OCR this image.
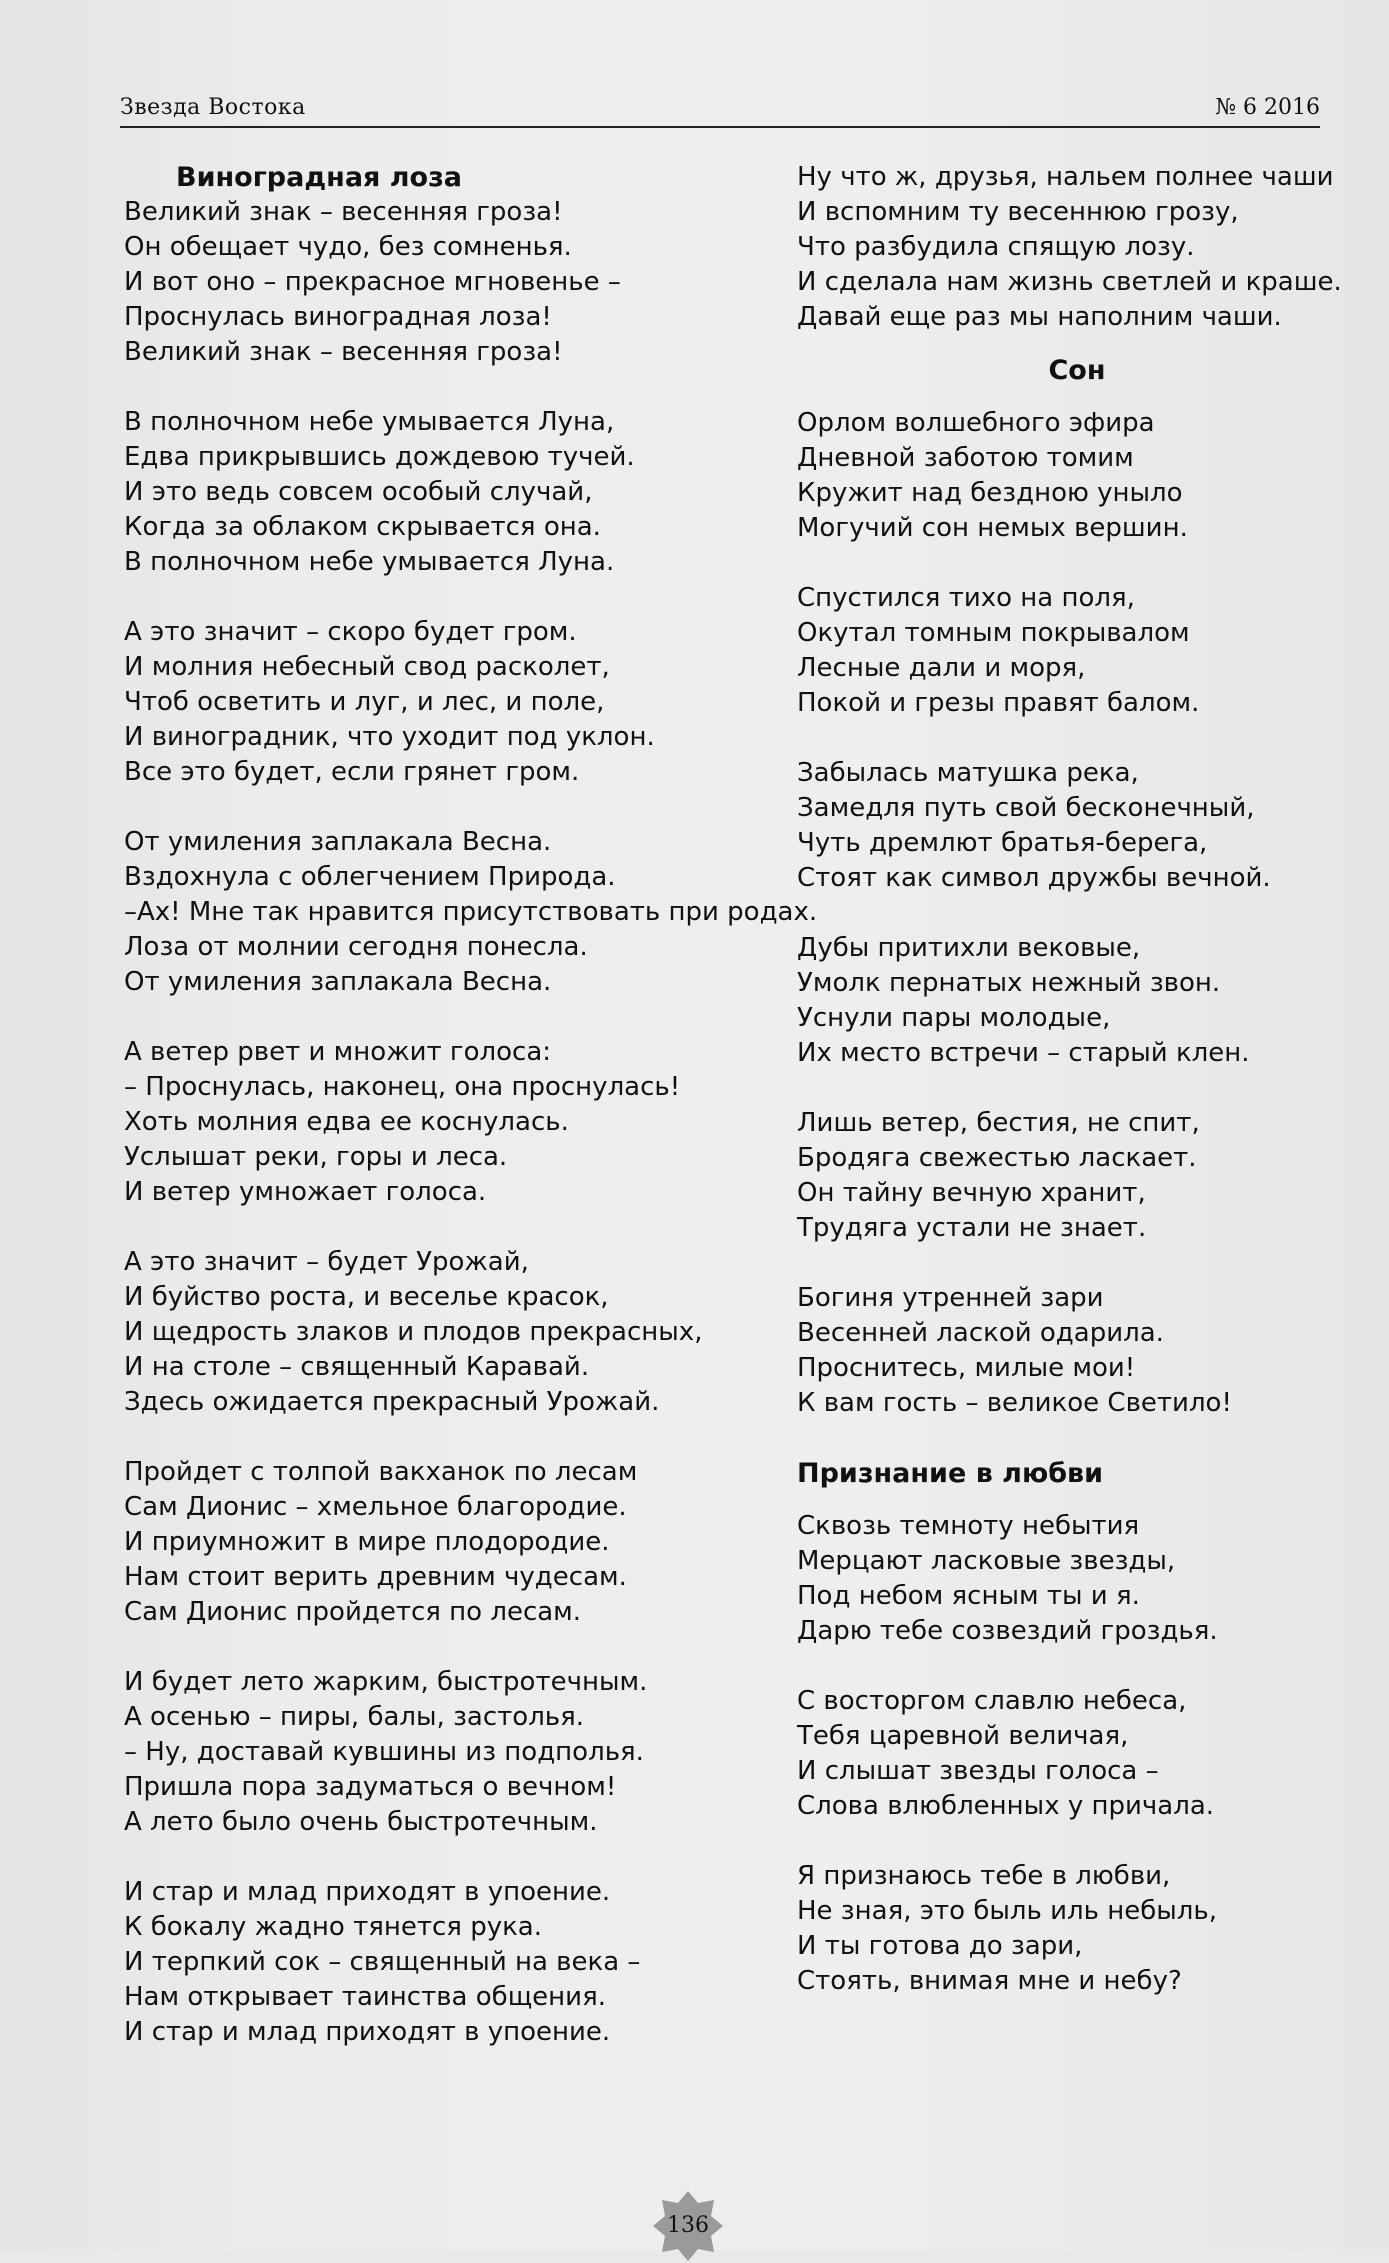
Звезда Востока	№ 6 2016
Виноградная лоза
Великий знак – весенняя гроза!
Он обещает чудо, без сомненья.
И вот оно – прекрасное мгновенье –
Проснулась виноградная лоза!
Великий знак – весенняя гроза!
В полночном небе умывается Луна,
Едва прикрывшись дождевою тучей.
И это ведь совсем особый случай,
Когда за облаком скрывается она.
В полночном небе умывается Луна.
А это значит – скоро будет гром.
И молния небесный свод расколет,
Чтоб осветить и луг, и лес, и поле,
И виноградник, что уходит под уклон.
Все это будет, если грянет гром.
От умиления заплакала Весна.
Вздохнула с облегчением Природа.
–Ах! Мне так нравится присутствовать при родах.
Лоза от молнии сегодня понесла.
От умиления заплакала Весна.
А ветер рвет и множит голоса:
– Проснулась, наконец, она проснулась!
Хоть молния едва ее коснулась.
Услышат реки, горы и леса.
И ветер умножает голоса.
А это значит – будет Урожай,
И буйство роста, и веселье красок,
И щедрость злаков и плодов прекрасных,
И на столе – священный Каравай.
Здесь ожидается прекрасный Урожай.
Пройдет с толпой вакханок по лесам
Сам Дионис – хмельное благородие.
И приумножит в мире плодородие.
Нам стоит верить древним чудесам.
Сам Дионис пройдется по лесам.
И будет лето жарким, быстротечным.
А осенью – пиры, балы, застолья.
– Ну, доставай кувшины из подполья.
Пришла пора задуматься о вечном!
А лето было очень быстротечным.
И стар и млад приходят в упоение.
К бокалу жадно тянется рука.
И терпкий сок – священный на века –
Нам открывает таинства общения.
И стар и млад приходят в упоение.
Ну что ж, друзья, нальем полнее чаши
И вспомним ту весеннюю грозу,
Что разбудила спящую лозу.
И сделала нам жизнь светлей и краше.
Давай еще раз мы наполним чаши.
Сон
Орлом волшебного эфира
Дневной заботою томим
Кружит над бездною уныло
Могучий сон немых вершин.
Спустился тихо на поля,
Окутал томным покрывалом
Лесные дали и моря,
Покой и грезы правят балом.
Забылась матушка река,
Замедля путь свой бесконечный,
Чуть дремлют братья-берега,
Стоят как символ дружбы вечной.
Дубы притихли вековые,
Умолк пернатых нежный звон.
Уснули пары молодые,
Их место встречи – старый клен.
Лишь ветер, бестия, не спит,
Бродяга свежестью ласкает.
Он тайну вечную хранит,
Трудяга устали не знает.
Богиня утренней зари
Весенней лаской одарила.
Проснитесь, милые мои!
К вам гость – великое Светило!
Признание в любви
Сквозь темноту небытия
Мерцают ласковые звезды,
Под небом ясным ты и я.
Дарю тебе созвездий гроздья.
С восторгом славлю небеса,
Тебя царевной величая,
И слышат звезды голоса –
Слова влюбленных у причала.
Я признаюсь тебе в любви,
Не зная, это быль иль небыль,
И ты готова до зари,
Стоять, внимая мне и небу?
136
